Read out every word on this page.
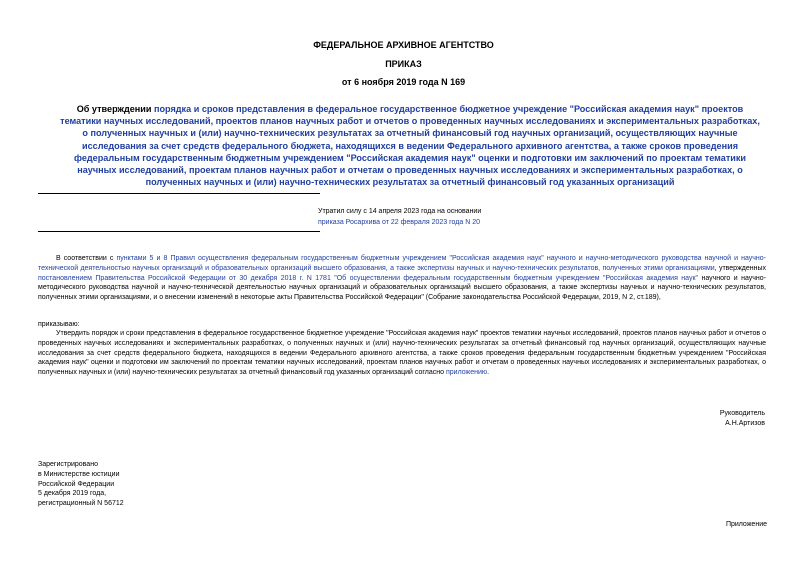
ФЕДЕРАЛЬНОЕ АРХИВНОЕ АГЕНТСТВО
ПРИКАЗ
от 6 ноября 2019 года N 169
Об утверждении порядка и сроков представления в федеральное государственное бюджетное учреждение "Российская академия наук" проектов тематики научных исследований, проектов планов научных работ и отчетов о проведенных научных исследованиях и экспериментальных разработках, о полученных научных и (или) научно-технических результатах за отчетный финансовый год научных организаций, осуществляющих научные исследования за счет средств федерального бюджета, находящихся в ведении Федерального архивного агентства, а также сроков проведения федеральным государственным бюджетным учреждением "Российская академия наук" оценки и подготовки им заключений по проектам тематики научных исследований, проектам планов научных работ и отчетам о проведенных научных исследованиях и экспериментальных разработках, о полученных научных и (или) научно-технических результатах за отчетный финансовый год указанных организаций
Утратил силу с 14 апреля 2023 года на основании
приказа Росархива от 22 февраля 2023 года N 20
В соответствии с пунктами 5 и 8 Правил осуществления федеральным государственным бюджетным учреждением "Российская академия наук" научного и научно-методического руководства научной и научно-технической деятельностью научных организаций и образовательных организаций высшего образования, а также экспертизы научных и научно-технических результатов, полученных этими организациями, утвержденных постановлением Правительства Российской Федерации от 30 декабря 2018 г. N 1781 "Об осуществлении федеральным государственным бюджетным учреждением "Российская академия наук" научного и научно-методического руководства научной и научно-технической деятельностью научных организаций и образовательных организаций высшего образования, а также экспертизы научных и научно-технических результатов, полученных этими организациями, и о внесении изменений в некоторые акты Правительства Российской Федерации" (Собрание законодательства Российской Федерации, 2019, N 2, ст.189),
приказываю:
Утвердить порядок и сроки представления в федеральное государственное бюджетное учреждение "Российская академия наук" проектов тематики научных исследований, проектов планов научных работ и отчетов о проведенных научных исследованиях и экспериментальных разработках, о полученных научных и (или) научно-технических результатах за отчетный финансовый год научных организаций, осуществляющих научные исследования за счет средств федерального бюджета, находящихся в ведении Федерального архивного агентства, а также сроков проведения федеральным государственным бюджетным учреждением "Российская академия наук" оценки и подготовки им заключений по проектам тематики научных исследований, проектам планов научных работ и отчетам о проведенных научных исследованиях и экспериментальных разработках, о полученных научных и (или) научно-технических результатах за отчетный финансовый год указанных организаций согласно приложению.
Руководитель
А.Н.Артизов
Зарегистрировано
в Министерстве юстиции
Российской Федерации
5 декабря 2019 года,
регистрационный N 56712
Приложение
